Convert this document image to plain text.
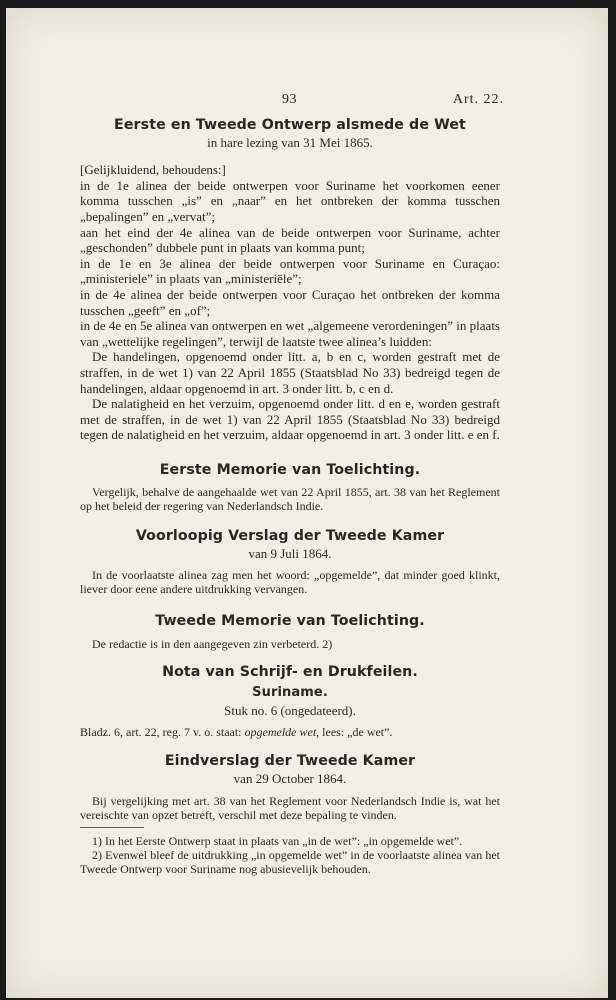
93	Art. 22.

Eerste en Tweede Ontwerp alsmede de Wet

in hare lezing van 31 Mei 1865.

[Gelijkluidend, behoudens:]

in de 1e alinea der beide ontwerpen voor Suriname het voorkomen eener komma tusschen „is” en „naar” en het ontbreken der komma tusschen „bepalingen” en „vervat”;

aan het eind der 4e alinea van de beide ontwerpen voor Suriname, achter „geschonden” dubbele punt in plaats van komma punt;

in de 1e en 3e alinea der beide ontwerpen voor Suriname en Curaçao: „ministeriele” in plaats van „ministeriële”;

in de 4e alinea der beide ontwerpen voor Curaçao het ontbreken der komma tusschen „geeft” en „of”;

in de 4e en 5e alinea van ontwerpen en wet „algemeene verordeningen” in plaats van „wettelijke regelingen”, terwijl de laatste twee alinea’s luidden:

De handelingen, opgenoemd onder litt. a, b en c, worden gestraft met de straffen, in de wet 1) van 22 April 1855 (Staatsblad No 33) bedreigd tegen de handelingen, aldaar opgenoemd in art. 3 onder litt. b, c en d.

De nalatigheid en het verzuim, opgenoemd onder litt. d en e, worden gestraft met de straffen, in de wet 1) van 22 April 1855 (Staatsblad No 33) bedreigd tegen de nalatigheid en het verzuim, aldaar opgenoemd in art. 3 onder litt. e en f.

Eerste Memorie van Toelichting.

Vergelijk, behalve de aangehaalde wet van 22 April 1855, art. 38 van het Reglement op het beleid der regering van Nederlandsch Indie.

Voorloopig Verslag der Tweede Kamer

van 9 Juli 1864.

In de voorlaatste alinea zag men het woord: „opgemelde”, dat minder goed klinkt, liever door eene andere uitdrukking vervangen.

Tweede Memorie van Toelichting.

De redactie is in den aangegeven zin verbeterd. 2)

Nota van Schrijf- en Drukfeilen.

Suriname.

Stuk no. 6 (ongedateerd).

Bladz. 6, art. 22, reg. 7 v. o. staat: opgemelde wet, lees: „de wet”.

Eindverslag der Tweede Kamer

van 29 October 1864.

Bij vergelijking met art. 38 van het Reglement voor Nederlandsch Indie is, wat het vereischte van opzet betreft, verschil met deze bepaling te vinden.

1) In het Eerste Ontwerp staat in plaats van „in de wet”: „in opgemelde wet”.

2) Evenwel bleef de uitdrukking „in opgemelde wet” in de voorlaatste alinea van het Tweede Ontwerp voor Suriname nog abusievelijk behouden.
